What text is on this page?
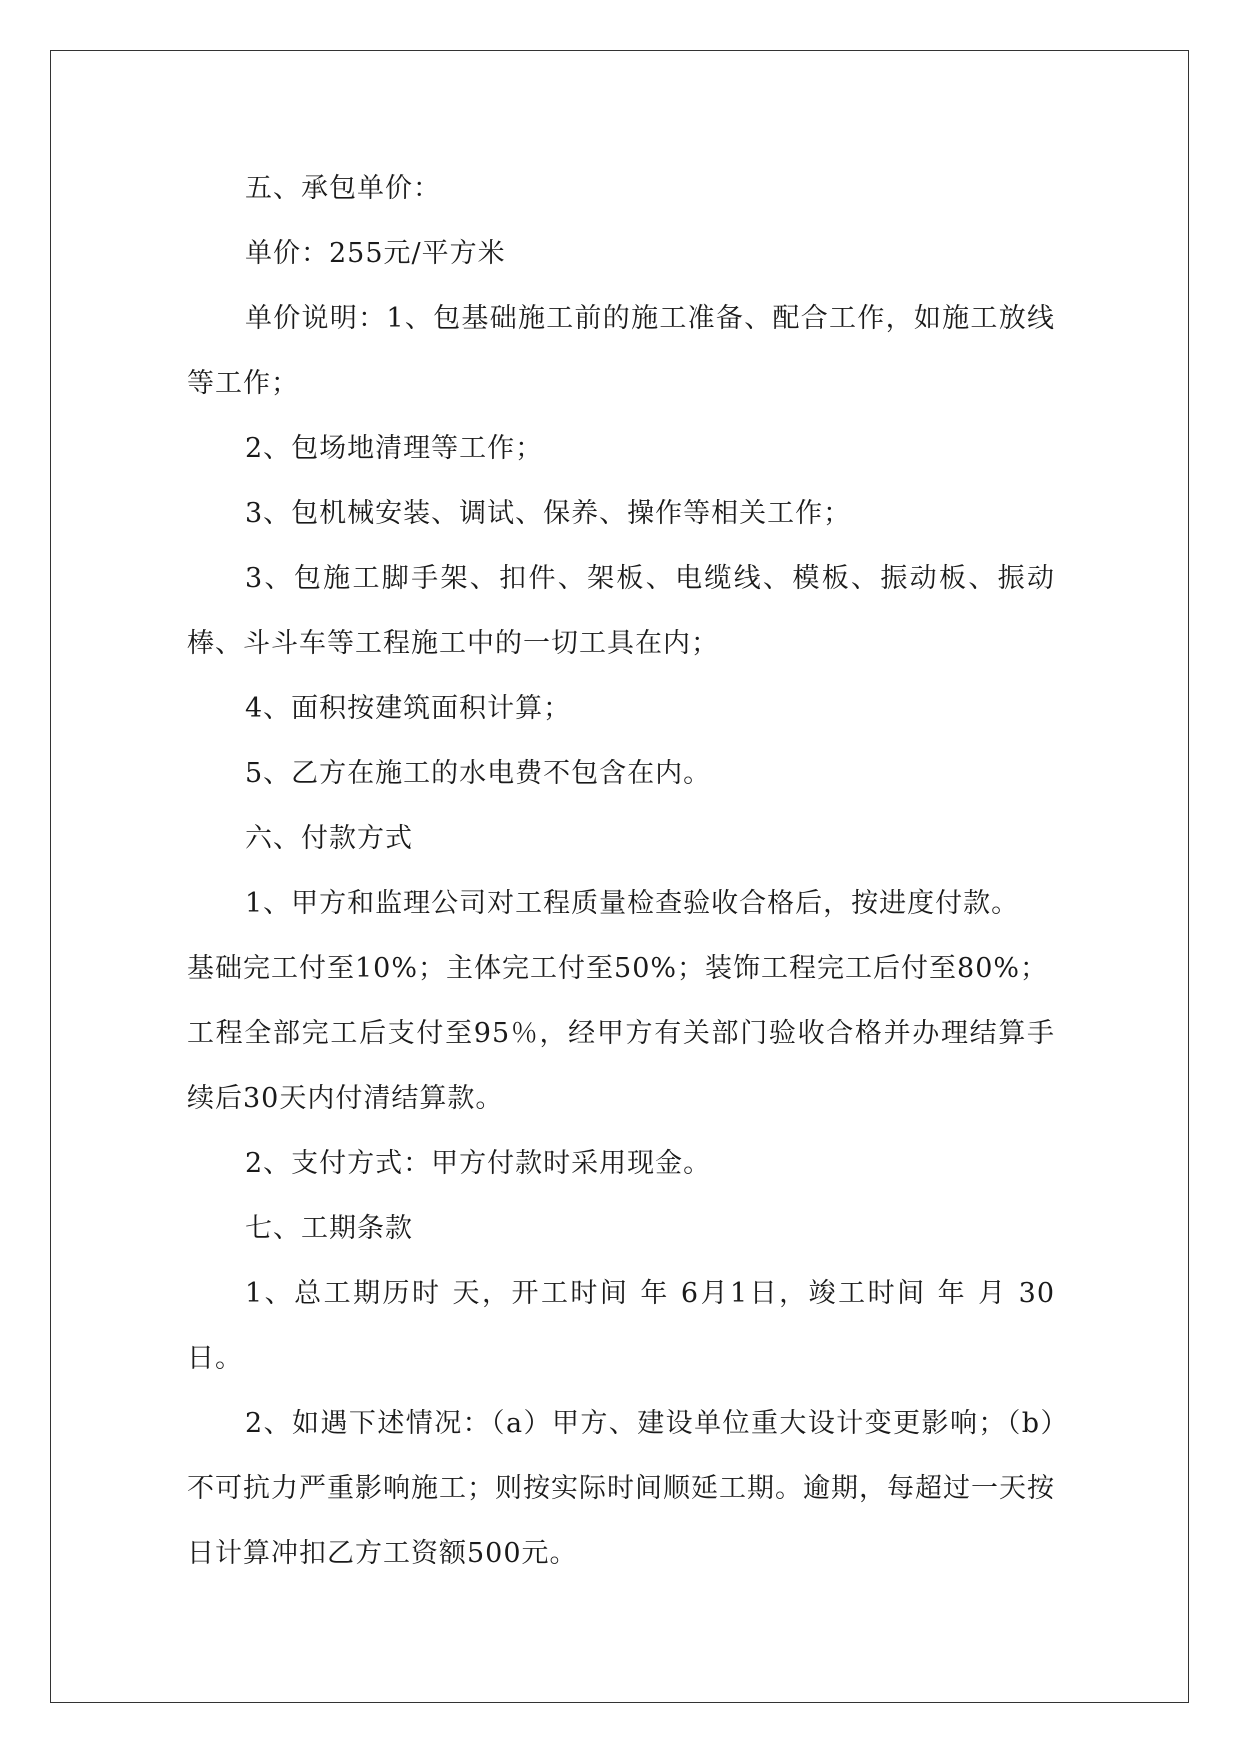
五、承包单价：

单价：255元/平方米

单价说明：1、包基础施工前的施工准备、配合工作，如施工放线等工作；

2、包场地清理等工作；

3、包机械安装、调试、保养、操作等相关工作；

3、包施工脚手架、扣件、架板、电缆线、模板、振动板、振动棒、斗斗车等工程施工中的一切工具在内；

4、面积按建筑面积计算；

5、乙方在施工的水电费不包含在内。

六、付款方式

1、甲方和监理公司对工程质量检查验收合格后，按进度付款。

基础完工付至10%；主体完工付至50%；装饰工程完工后付至80%；

工程全部完工后支付至95％，经甲方有关部门验收合格并办理结算手续后30天内付清结算款。

2、支付方式：甲方付款时采用现金。

七、工期条款

1、总工期历时 天，开工时间 年 6月1日，竣工时间 年 月 30日。

2、如遇下述情况：（a）甲方、建设单位重大设计变更影响；（b）不可抗力严重影响施工；则按实际时间顺延工期。逾期，每超过一天按日计算冲扣乙方工资额500元。
